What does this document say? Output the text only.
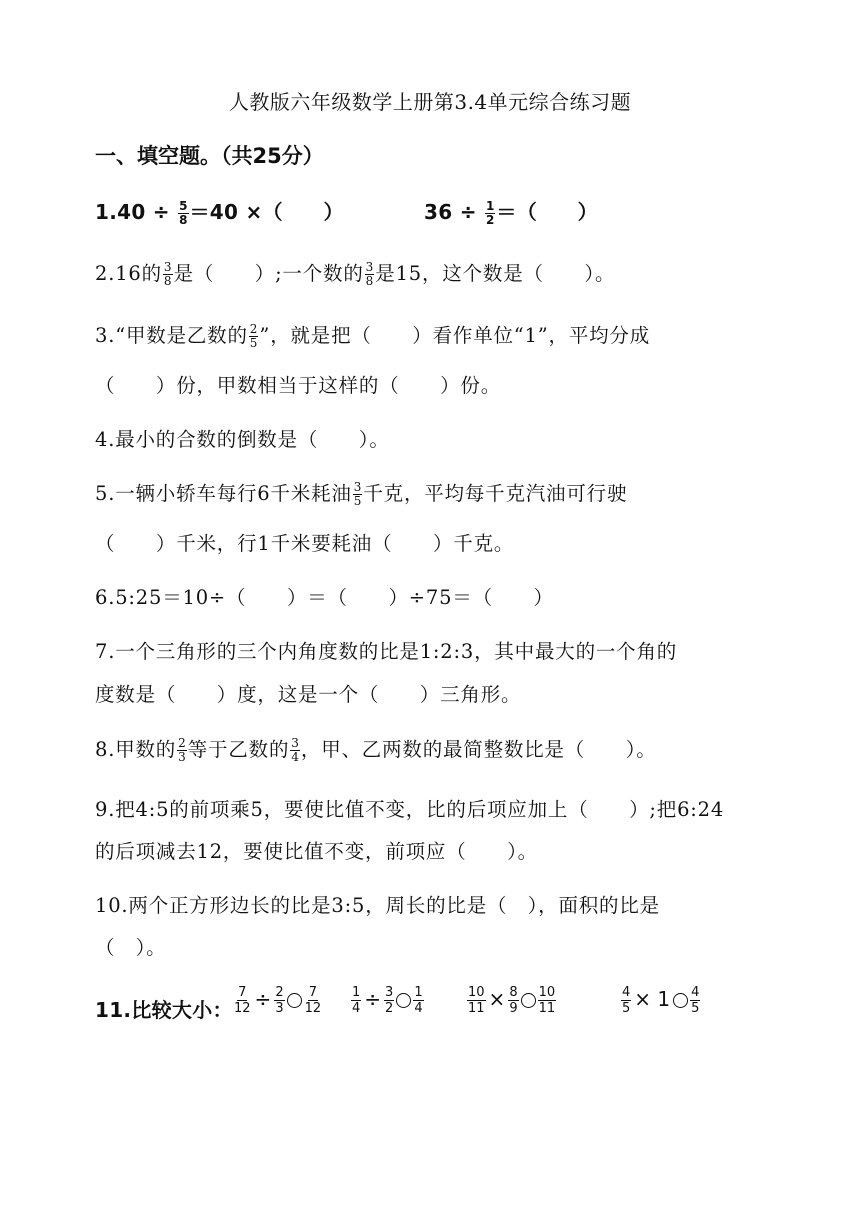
人教版六年级数学上册第3.4单元综合练习题
一、填空题。（共25分）
$1.40 \div \frac{5}{8} =40$ ×（　　）	$36 \div \frac{1}{2}$ ＝（　　）
2.16的 $\frac{3}{8}$ 是（　　）;一个数的 $\frac{3}{8}$ 是15，这个数是（　　）。
3.“甲数是乙数的 $\frac{2}{5}$ ”，就是把（　　）看作单位“1”，平均分成
（　　）份，甲数相当于这样的（　　）份。
4.最小的合数的倒数是（　　）。
5.一辆小轿车每行6千米耗油 $\frac{3}{5}$ 千克，平均每千克汽油可行驶
（　　）千米，行1千米要耗油（　　）千克。
6.5:25＝10÷（　　）＝（　　）÷75＝（　　）
7.一个三角形的三个内角度数的比是1:2:3，其中最大的一个角的
度数是（　　）度，这是一个（　　）三角形。
8.甲数的 $\frac{2}{3}$ 等于乙数的 $\frac{3}{4}$ ，甲、乙两数的最简整数比是（　　）。
9.把4:5的前项乘5，要使比值不变，比的后项应加上（　　）;把6:24
的后项减去12，要使比值不变，前项应（　　）。
10.两个正方形边长的比是3:5，周长的比是（　），面积的比是
（　）。
11.比较大小： $\frac{7}{12} \div \frac{2}{3} \frac{7}{12} \frac{1}{4} \div \frac{3}{2} \frac{1}{4}$	$\frac{10}{11} \times \frac{8}{9} \frac{10}{11}$	$\frac{4}{5} \times 1 \frac{4}{5}$
